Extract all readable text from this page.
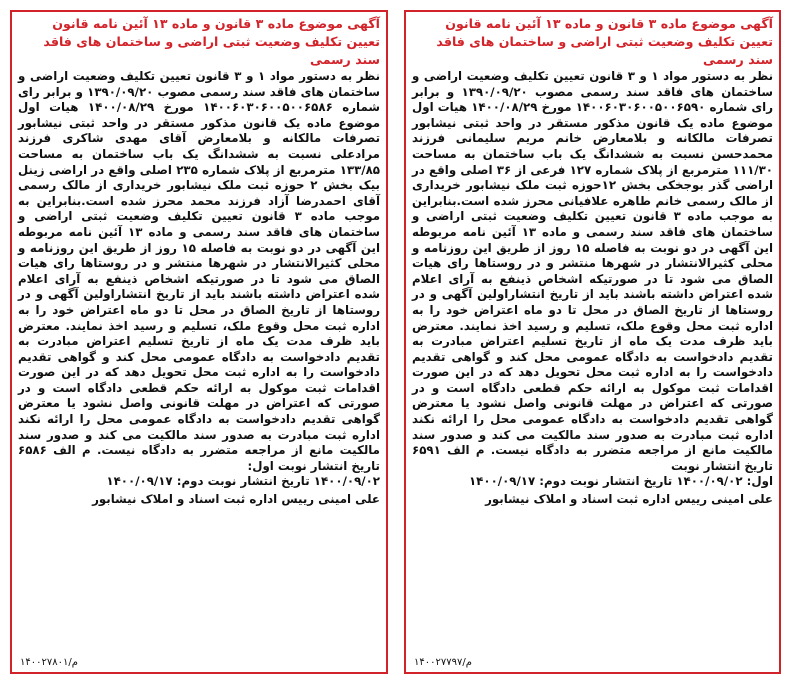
آگهی موضوع ماده ۳ قانون و ماده ۱۳ آئین نامه قانون تعیین تکلیف وضعیت ثبتی اراضی و ساختمان های فاقد سند رسمی

نظر به دستور مواد ۱ و ۳ قانون تعیین تکلیف وضعیت اراضی و ساختمان های فاقد سند رسمی مصوب ۱۳۹۰/۰۹/۲۰ و برابر رای شماره ۱۴۰۰۶۰۳۰۶۰۰۵۰۰۶۵۹۰ مورخ ۱۴۰۰/۰۸/۲۹ هیات اول موضوع ماده یک قانون مذکور مستقر در واحد ثبتی نیشابور تصرفات مالکانه و بلامعارض خانم مریم سلیمانی فرزند محمدحسن نسبت به ششدانگ یک باب ساختمان به مساحت ۱۱۱/۳۰ مترمربع از پلاک شماره ۱۲۷ فرعی از ۳۶ اصلی واقع در اراضی گذر بوجخکی بخش ۱۲حوزه ثبت ملک نیشابور خریداری از مالک رسمی خانم طاهره علافیانی محرز شده است.بنابراین به موجب ماده ۳ قانون تعیین تکلیف وضعیت ثبتی اراضی و ساختمان های فاقد سند رسمی و ماده ۱۳ آئین نامه مربوطه این آگهی در دو نوبت به فاصله ۱۵ روز از طریق این روزنامه و محلی کثیرالانتشار در شهرها منتشر و در روستاها رای هیات الصاق می شود تا در صورتیکه اشخاص ذینفع به آرای اعلام شده اعتراض داشته باشند باید از تاریخ انتشاراولین آگهی و در روستاها از تاریخ الصاق در محل تا دو ماه اعتراض خود را به اداره ثبت محل وقوع ملک، تسلیم و رسید اخذ نمایند. معترض باید ظرف مدت یک ماه از تاریخ تسلیم اعتراض مبادرت به تقدیم دادخواست به دادگاه عمومی محل کند و گواهی تقدیم دادخواست را به اداره ثبت محل تحویل دهد که در این صورت اقدامات ثبت موکول به ارائه حکم قطعی دادگاه است و در صورتی که اعتراض در مهلت قانونی واصل نشود یا معترض گواهی تقدیم دادخواست به دادگاه عمومی محل را ارائه نکند اداره ثبت مبادرت به صدور سند مالکیت می کند و صدور سند مالکیت مانع از مراجعه متضرر به دادگاه نیست. م الف ۶۵۹۱ تاریخ انتشار نوبت

اول: ۱۴۰۰/۰۹/۰۲ تاریخ انتشار نوبت دوم: ۱۴۰۰/۰۹/۱۷
علی امینی رییس اداره ثبت اسناد و املاک نیشابور
۱۴۰۰۲۷۷۹۷/م
آگهی موضوع ماده ۳ قانون و ماده ۱۳ آئین نامه قانون تعیین تکلیف وضعیت ثبتی اراضی و ساختمان های فاقد سند رسمی

نظر به دستور مواد ۱ و ۳ قانون تعیین تکلیف وضعیت اراضی و ساختمان های فاقد سند رسمی مصوب ۱۳۹۰/۰۹/۲۰ و برابر رای شماره ۱۴۰۰۶۰۳۰۶۰۰۵۰۰۶۵۸۶ مورخ ۱۴۰۰/۰۸/۲۹ هیات اول موضوع ماده یک قانون مذکور مستقر در واحد ثبتی نیشابور تصرفات مالکانه و بلامعارض آقای مهدی شاکری فرزند مرادعلی نسبت به ششدانگ یک باب ساختمان به مساحت ۱۳۳/۸۵ مترمربع از پلاک شماره ۲۳۵ اصلی واقع در اراضی زینل بیک بخش ۲ حوزه ثبت ملک نیشابور خریداری از مالک رسمی آقای احمدرضا آزاد فرزند محمد محرز شده است.بنابراین به موجب ماده ۳ قانون تعیین تکلیف وضعیت ثبتی اراضی و ساختمان های فاقد سند رسمی و ماده ۱۳ آئین نامه مربوطه این آگهی در دو نوبت به فاصله ۱۵ روز از طریق این روزنامه و محلی کثیرالانتشار در شهرها منتشر و در روستاها رای هیات الصاق می شود تا در صورتیکه اشخاص ذینفع به آرای اعلام شده اعتراض داشته باشند باید از تاریخ انتشاراولین آگهی و در روستاها از تاریخ الصاق در محل تا دو ماه اعتراض خود را به اداره ثبت محل وقوع ملک، تسلیم و رسید اخذ نمایند. معترض باید ظرف مدت یک ماه از تاریخ تسلیم اعتراض مبادرت به تقدیم دادخواست به دادگاه عمومی محل کند و گواهی تقدیم دادخواست را به اداره ثبت محل تحویل دهد که در این صورت اقدامات ثبت موکول به ارائه حکم قطعی دادگاه است و در صورتی که اعتراض در مهلت قانونی واصل نشود یا معترض گواهی تقدیم دادخواست به دادگاه عمومی محل را ارائه نکند اداره ثبت مبادرت به صدور سند مالکیت می کند و صدور سند مالکیت مانع از مراجعه متضرر به دادگاه نیست. م الف ۶۵۸۶ تاریخ انتشار نوبت اول:

۱۴۰۰/۰۹/۰۲ تاریخ انتشار نوبت دوم: ۱۴۰۰/۰۹/۱۷
علی امینی رییس اداره ثبت اسناد و املاک نیشابور
۱۴۰۰۲۷۸۰۱/م
